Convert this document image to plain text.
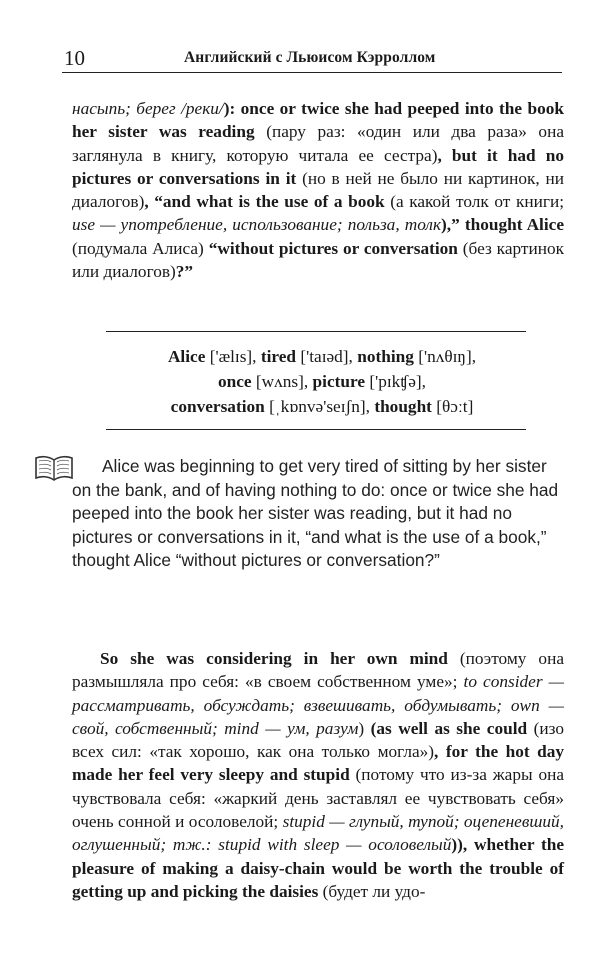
10	Английский с Льюисом Кэрроллом

насыпь; берег /реки/): once or twice she had peeped into the book her sister was reading (пару раз: «один или два раза» она заглянула в книгу, которую читала ее сестра), but it had no pictures or conversations in it (но в ней не было ни картинок, ни диалогов), “and what is the use of a book (а какой толк от книги; use — употребление, использование; польза, толк),” thought Alice (подумала Алиса) “without pictures or conversation (без картинок или диалогов)?”

Alice ['ælɪs], tired ['taɪəd], nothing ['nʌθɪŋ],
once [wʌns], picture ['pɪkʧə],
conversation [ˌkɒnvə'seɪʃn], thought [θɔːt]

Alice was beginning to get very tired of sitting by her sister on the bank, and of having nothing to do: once or twice she had peeped into the book her sister was reading, but it had no pictures or conversations in it, “and what is the use of a book,” thought Alice “without pictures or conversation?”

So she was considering in her own mind (поэтому она размышляла про себя: «в своем собственном уме»; to consider — рассматривать, обсуждать; взвешивать, обдумывать; own — свой, собственный; mind — ум, разум) (as well as she could (изо всех сил: «так хорошо, как она только могла»), for the hot day made her feel very sleepy and stupid (потому что из-за жары она чувствовала себя: «жаркий день заставлял ее чувствовать себя» очень сонной и осоловелой; stupid — глупый, тупой; оцепеневший, оглушенный; тж.: stupid with sleep — осоловелый)), whether the pleasure of making a daisy-chain would be worth the trouble of getting up and picking the daisies (будет ли удо-
